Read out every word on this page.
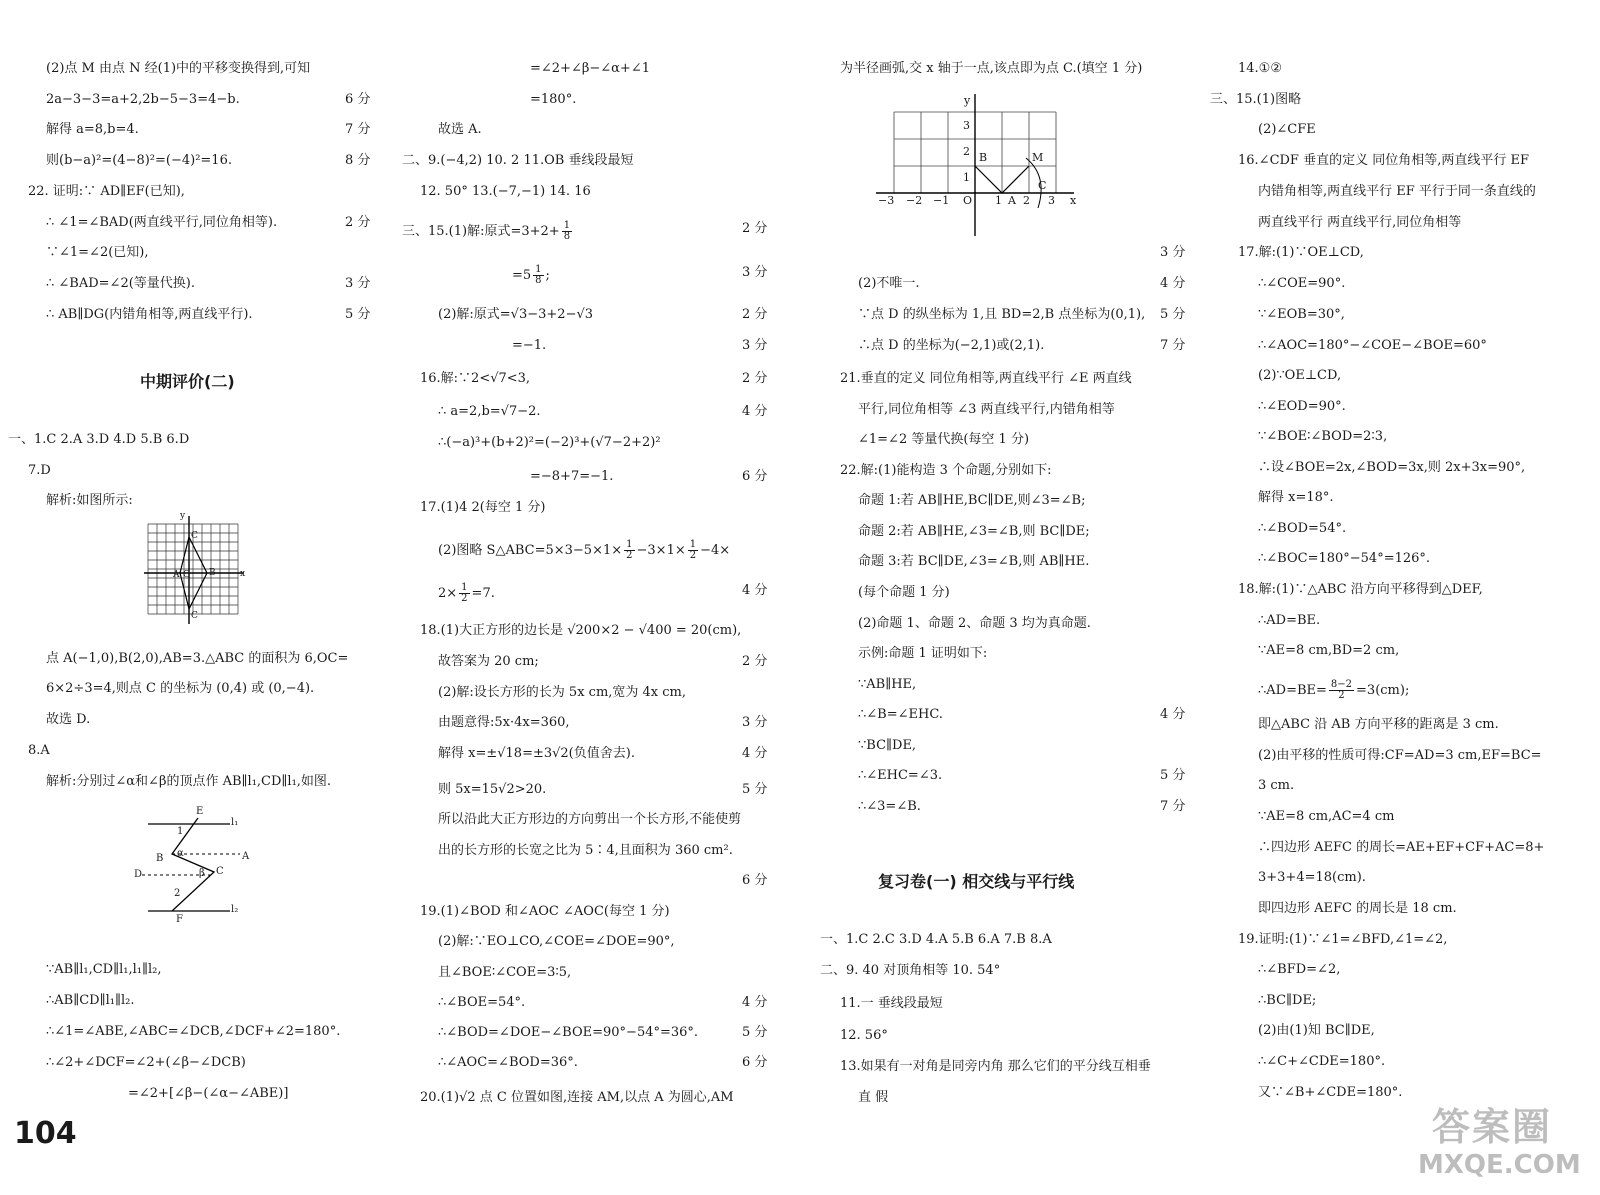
(2)点 M 由点 N 经(1)中的平移变换得到,可知
2a−3−3=a+2,2b−5−3=4−b.
解得 a=8,b=4.
则(b−a)²=(4−8)²=(−4)²=16.
22. 证明:∵ AD∥EF(已知),
∴ ∠1=∠BAD(两直线平行,同位角相等).
∵∠1=∠2(已知),
∴ ∠BAD=∠2(等量代换).
∴ AB∥DG(内错角相等,两直线平行).
6 分
7 分
8 分
2 分
3 分
5 分
中期评价(二)
一、1.C 2.A 3.D 4.D 5.B 6.D
7.D
解析:如图所示:
y
A O B
C
C
x
点 A(−1,0),B(2,0),AB=3.△ABC 的面积为 6,OC=
6×2÷3=4,则点 C 的坐标为 (0,4) 或 (0,−4).
故选 D.
8.A
解析:分别过∠α和∠β的顶点作 AB∥l₁,CD∥l₁,如图.
E
l₁
1
B α	A
D	β C
2
F
l₂
∵AB∥l₁,CD∥l₁,l₁∥l₂,
∴AB∥CD∥l₁∥l₂.
∴∠1=∠ABE,∠ABC=∠DCB,∠DCF+∠2=180°.
∴∠2+∠DCF=∠2+(∠β−∠DCB)
=∠2+[∠β−(∠α−∠ABE)]
104
=∠2+∠β−∠α+∠1
=180°.
故选 A.
二、9.(−4,2) 10. 2 11.OB 垂线段最短
12. 50° 13.(−7,−1) 14. 16
三、15.(1)解:原式$=3+2+ \frac{1}{8}$
$=5 \frac{1}{8}$ ;
(2)解:原式=√3−3+2−√3
=−1.
16.解:∵2<√7<3,
∴ a=2,b=√7−2.
∴(−a)³+(b+2)²=(−2)³+(√7−2+2)²
=−8+7=−1.
17.(1)4 2(每空 1 分)
(2)图略 S△ABC=5×3−5×1× $\frac{1}{2} -3\times 1\times \frac{1}{2} -4\times$
$2\times \frac{1}{2} =7$.
18.(1)大正方形的边长是 √200×2 − √400 = 20(cm),
故答案为 20 cm;
(2)解:设长方形的长为 5x cm,宽为 4x cm,
由题意得:5x·4x=360,
解得 x=±√18=±3√2(负值舍去).
则 5x=15√2>20.
所以沿此大正方形边的方向剪出一个长方形,不能使剪
出的长方形的长宽之比为 5∶4,且面积为 360 cm².
19.(1)∠BOD 和∠AOC ∠AOC(每空 1 分)
(2)解:∵EO⊥CO,∠COE=∠DOE=90°,
且∠BOE∶∠COE=3∶5,
∴∠BOE=54°.
∴∠BOD=∠DOE−∠BOE=90°−54°=36°.
∴∠AOC=∠BOD=36°.
20.(1)√2 点 C 位置如图,连接 AM,以点 A 为圆心,AM
2 分
3 分
2 分
3 分
2 分
4 分
6 分
4 分
2 分
3 分
4 分
5 分
6 分
4 分
5 分
6 分
为半径画弧,交 x 轴于一点,该点即为点 C.(填空 1 分)
y
3
2
1
B	M
C
−3 −2 −1 O 1 A 2 3 x
(2)不唯一.
∵点 D 的纵坐标为 1,且 BD=2,B 点坐标为(0,1),
∴点 D 的坐标为(−2,1)或(2,1).
21.垂直的定义 同位角相等,两直线平行 ∠E 两直线
平行,同位角相等 ∠3 两直线平行,内错角相等
∠1=∠2 等量代换(每空 1 分)
22.解:(1)能构造 3 个命题,分别如下:
命题 1:若 AB∥HE,BC∥DE,则∠3=∠B;
命题 2:若 AB∥HE,∠3=∠B,则 BC∥DE;
命题 3:若 BC∥DE,∠3=∠B,则 AB∥HE.
(每个命题 1 分)
(2)命题 1、命题 2、命题 3 均为真命题.
示例:命题 1 证明如下:
∵AB∥HE,
∴∠B=∠EHC.
∵BC∥DE,
∴∠EHC=∠3.
∴∠3=∠B.
复习卷(一) 相交线与平行线
一、1.C 2.C 3.D 4.A 5.B 6.A 7.B 8.A
二、9. 40 对顶角相等 10. 54°
11.一 垂线段最短
12. 56°
13.如果有一对角是同旁内角 那么它们的平分线互相垂
直 假
3 分
4 分
5 分
7 分
4 分
5 分
7 分
14.①②
三、15.(1)图略
(2)∠CFE
16.∠CDF 垂直的定义 同位角相等,两直线平行 EF
内错角相等,两直线平行 EF 平行于同一条直线的
两直线平行 两直线平行,同位角相等
17.解:(1)∵OE⊥CD,
∴∠COE=90°.
∵∠EOB=30°,
∴∠AOC=180°−∠COE−∠BOE=60°
(2)∵OE⊥CD,
∴∠EOD=90°.
∵∠BOE∶∠BOD=2∶3,
∴设∠BOE=2x,∠BOD=3x,则 2x+3x=90°,
解得 x=18°.
∴∠BOD=54°.
∴∠BOC=180°−54°=126°.
18.解:(1)∵△ABC 沿方向平移得到△DEF,
∴AD=BE.
∵AE=8 cm,BD=2 cm,
∴AD=BE= $\frac{8-2}{2} =3(cm)$;
即△ABC 沿 AB 方向平移的距离是 3 cm.
(2)由平移的性质可得:CF=AD=3 cm,EF=BC=
3 cm.
∵AE=8 cm,AC=4 cm
∴四边形 AEFC 的周长=AE+EF+CF+AC=8+
3+3+4=18(cm).
即四边形 AEFC 的周长是 18 cm.
19.证明:(1)∵∠1=∠BFD,∠1=∠2,
∴∠BFD=∠2,
∴BC∥DE;
(2)由(1)知 BC∥DE,
∴∠C+∠CDE=180°.
又∵∠B+∠CDE=180°.
答案圈
MXQE.COM
